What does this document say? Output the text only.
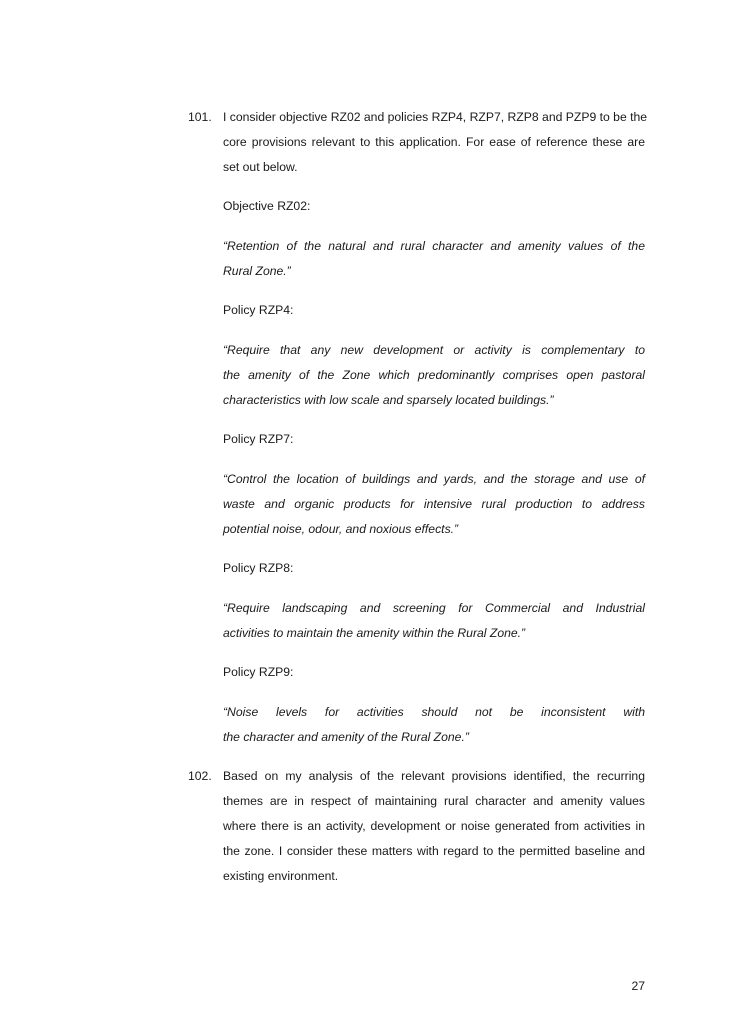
101. I consider objective RZ02 and policies RZP4, RZP7, RZP8 and PZP9 to be the
core provisions relevant to this application. For ease of reference these are
set out below.
Objective RZ02:
“Retention of the natural and rural character and amenity values of the
Rural Zone.”
Policy RZP4:
“Require that any new development or activity is complementary to
the amenity of the Zone which predominantly comprises open pastoral
characteristics with low scale and sparsely located buildings.”
Policy RZP7:
“Control the location of buildings and yards, and the storage and use of
waste and organic products for intensive rural production to address
potential noise, odour, and noxious effects.”
Policy RZP8:
“Require landscaping and screening for Commercial and Industrial
activities to maintain the amenity within the Rural Zone.”
Policy RZP9:
“Noise levels for activities should not be inconsistent with
the character and amenity of the Rural Zone.”
102. Based on my analysis of the relevant provisions identified, the recurring
themes are in respect of maintaining rural character and amenity values
where there is an activity, development or noise generated from activities in
the zone. I consider these matters with regard to the permitted baseline and
existing environment.
27
